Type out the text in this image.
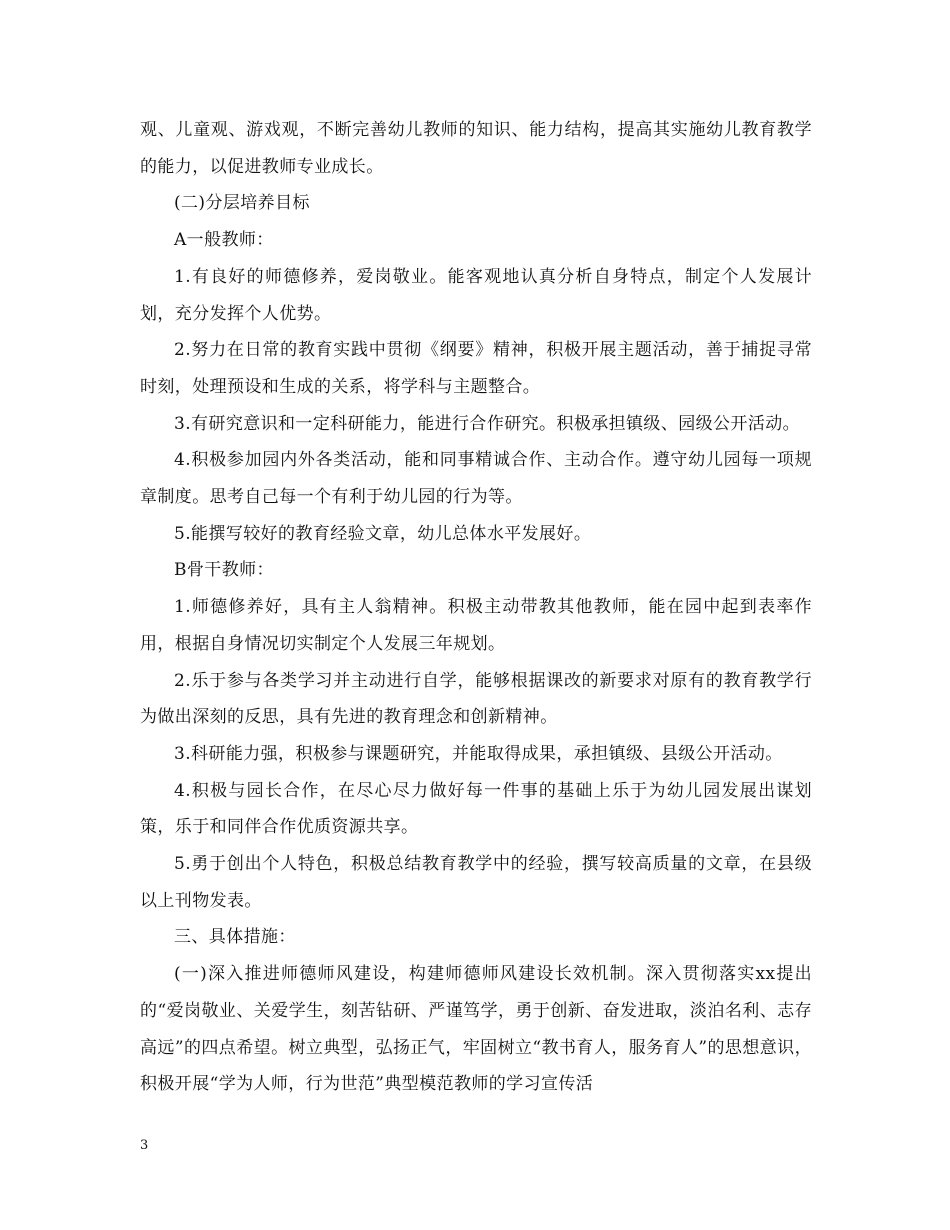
观、儿童观、游戏观，不断完善幼儿教师的知识、能力结构，提高其实施幼儿教育教学的能力，以促进教师专业成长。

(二)分层培养目标

A一般教师：

1.有良好的师德修养，爱岗敬业。能客观地认真分析自身特点，制定个人发展计划，充分发挥个人优势。

2.努力在日常的教育实践中贯彻《纲要》精神，积极开展主题活动，善于捕捉寻常时刻，处理预设和生成的关系，将学科与主题整合。

3.有研究意识和一定科研能力，能进行合作研究。积极承担镇级、园级公开活动。

4.积极参加园内外各类活动，能和同事精诚合作、主动合作。遵守幼儿园每一项规章制度。思考自己每一个有利于幼儿园的行为等。

5.能撰写较好的教育经验文章，幼儿总体水平发展好。

B骨干教师：

1.师德修养好，具有主人翁精神。积极主动带教其他教师，能在园中起到表率作用，根据自身情况切实制定个人发展三年规划。

2.乐于参与各类学习并主动进行自学，能够根据课改的新要求对原有的教育教学行为做出深刻的反思，具有先进的教育理念和创新精神。

3.科研能力强，积极参与课题研究，并能取得成果，承担镇级、县级公开活动。

4.积极与园长合作，在尽心尽力做好每一件事的基础上乐于为幼儿园发展出谋划策，乐于和同伴合作优质资源共享。

5.勇于创出个人特色，积极总结教育教学中的经验，撰写较高质量的文章，在县级以上刊物发表。

三、具体措施：

(一)深入推进师德师风建设，构建师德师风建设长效机制。深入贯彻落实xx提出的“爱岗敬业、关爱学生，刻苦钻研、严谨笃学，勇于创新、奋发进取，淡泊名利、志存高远”的四点希望。树立典型，弘扬正气，牢固树立“教书育人，服务育人”的思想意识，积极开展“学为人师，行为世范”典型模范教师的学习宣传活

3
